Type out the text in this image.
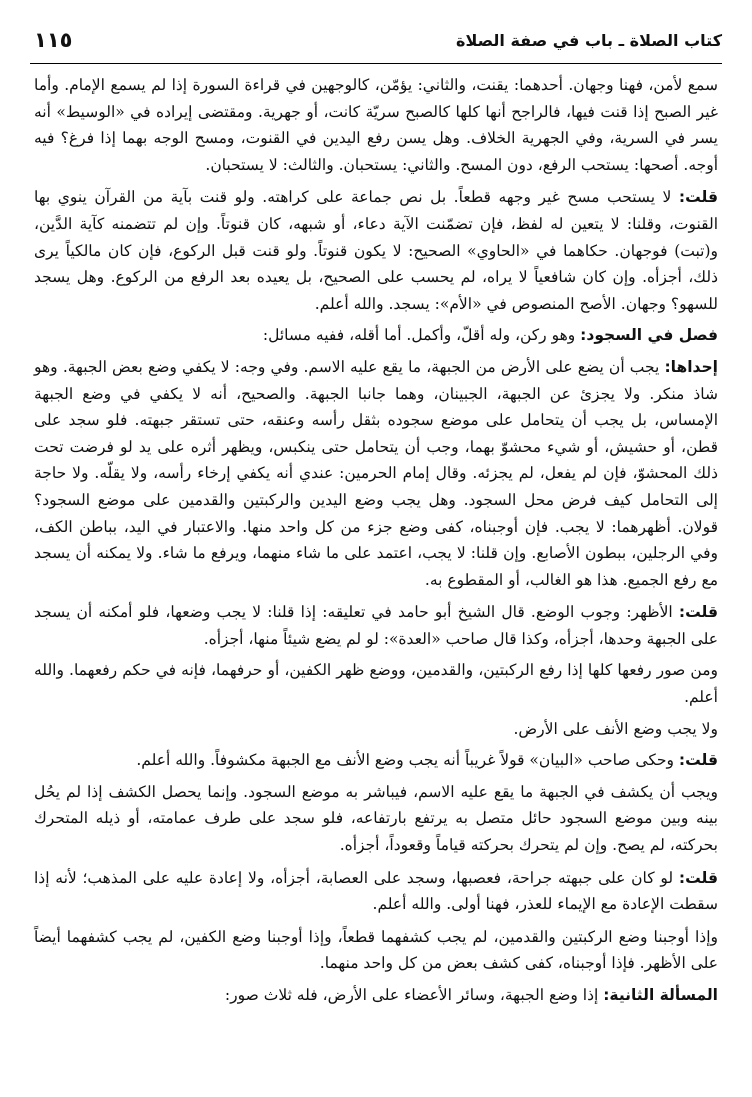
١١٥	كتاب الصلاة ـ باب في صفة الصلاة

سمع لأمن، فهنا وجهان. أحدهما: يقنت، والثاني: يؤمّن، كالوجهين في قراءة السورة إذا لم يسمع الإمام. وأما غير الصبح إذا قنت فيها، فالراجح أنها كلها كالصبح سريّة كانت، أو جهرية. ومقتضى إيراده في «الوسيط» أنه يسر في السرية، وفي الجهرية الخلاف. وهل يسن رفع اليدين في القنوت، ومسح الوجه بهما إذا فرغ؟ فيه أوجه. أصحها: يستحب الرفع، دون المسح. والثاني: يستحبان. والثالث: لا يستحبان.

قلت: لا يستحب مسح غير وجهه قطعاً. بل نص جماعة على كراهته. ولو قنت بآية من القرآن ينوي بها القنوت، وقلنا: لا يتعين له لفظ، فإن تضمّنت الآية دعاء، أو شبهه، كان قنوتاً. وإن لم تتضمنه كآية الدَّين، و(تبت) فوجهان. حكاهما في «الحاوي» الصحيح: لا يكون قنوتاً. ولو قنت قبل الركوع، فإن كان مالكياً يرى ذلك، أجزأه. وإن كان شافعياً لا يراه، لم يحسب على الصحيح، بل يعيده بعد الرفع من الركوع. وهل يسجد للسهو؟ وجهان. الأصح المنصوص في «الأم»: يسجد. والله أعلم.

فصل في السجود: وهو ركن، وله أقلّ، وأكمل. أما أقله، ففيه مسائل:

إحداها: يجب أن يضع على الأرض من الجبهة، ما يقع عليه الاسم. وفي وجه: لا يكفي وضع بعض الجبهة. وهو شاذ منكر. ولا يجزئ عن الجبهة، الجبينان، وهما جانبا الجبهة. والصحيح، أنه لا يكفي في وضع الجبهة الإمساس، بل يجب أن يتحامل على موضع سجوده بثقل رأسه وعنقه، حتى تستقر جبهته. فلو سجد على قطن، أو حشيش، أو شيء محشوّ بهما، وجب أن يتحامل حتى ينكبس، ويظهر أثره على يد لو فرضت تحت ذلك المحشوّ، فإن لم يفعل، لم يجزئه. وقال إمام الحرمين: عندي أنه يكفي إرخاء رأسه، ولا يقلّه. ولا حاجة إلى التحامل كيف فرض محل السجود. وهل يجب وضع اليدين والركبتين والقدمين على موضع السجود؟ قولان. أظهرهما: لا يجب. فإن أوجبناه، كفى وضع جزء من كل واحد منها. والاعتبار في اليد، بباطن الكف، وفي الرجلين، ببطون الأصابع. وإن قلنا: لا يجب، اعتمد على ما شاء منهما، ويرفع ما شاء. ولا يمكنه أن يسجد مع رفع الجميع. هذا هو الغالب، أو المقطوع به.

قلت: الأظهر: وجوب الوضع. قال الشيخ أبو حامد في تعليقه: إذا قلنا: لا يجب وضعها، فلو أمكنه أن يسجد على الجبهة وحدها، أجزأه، وكذا قال صاحب «العدة»: لو لم يضع شيئاً منها، أجزأه.

ومن صور رفعها كلها إذا رفع الركبتين، والقدمين، ووضع ظهر الكفين، أو حرفهما، فإنه في حكم رفعهما. والله أعلم.

ولا يجب وضع الأنف على الأرض.

قلت: وحكى صاحب «البيان» قولاً غريباً أنه يجب وضع الأنف مع الجبهة مكشوفاً. والله أعلم.

ويجب أن يكشف في الجبهة ما يقع عليه الاسم، فيباشر به موضع السجود. وإنما يحصل الكشف إذا لم يحُل بينه وبين موضع السجود حائل متصل به يرتفع بارتفاعه، فلو سجد على طرف عمامته، أو ذيله المتحرك بحركته، لم يصح. وإن لم يتحرك بحركته قياماً وقعوداً، أجزأه.

قلت: لو كان على جبهته جراحة، فعصبها، وسجد على العصابة، أجزأه، ولا إعادة عليه على المذهب؛ لأنه إذا سقطت الإعادة مع الإيماء للعذر، فهنا أولى. والله أعلم.

وإذا أوجبنا وضع الركبتين والقدمين، لم يجب كشفهما قطعاً، وإذا أوجبنا وضع الكفين، لم يجب كشفهما أيضاً على الأظهر. فإذا أوجبناه، كفى كشف بعض من كل واحد منهما.

المسألة الثانية: إذا وضع الجبهة، وسائر الأعضاء على الأرض، فله ثلاث صور:
